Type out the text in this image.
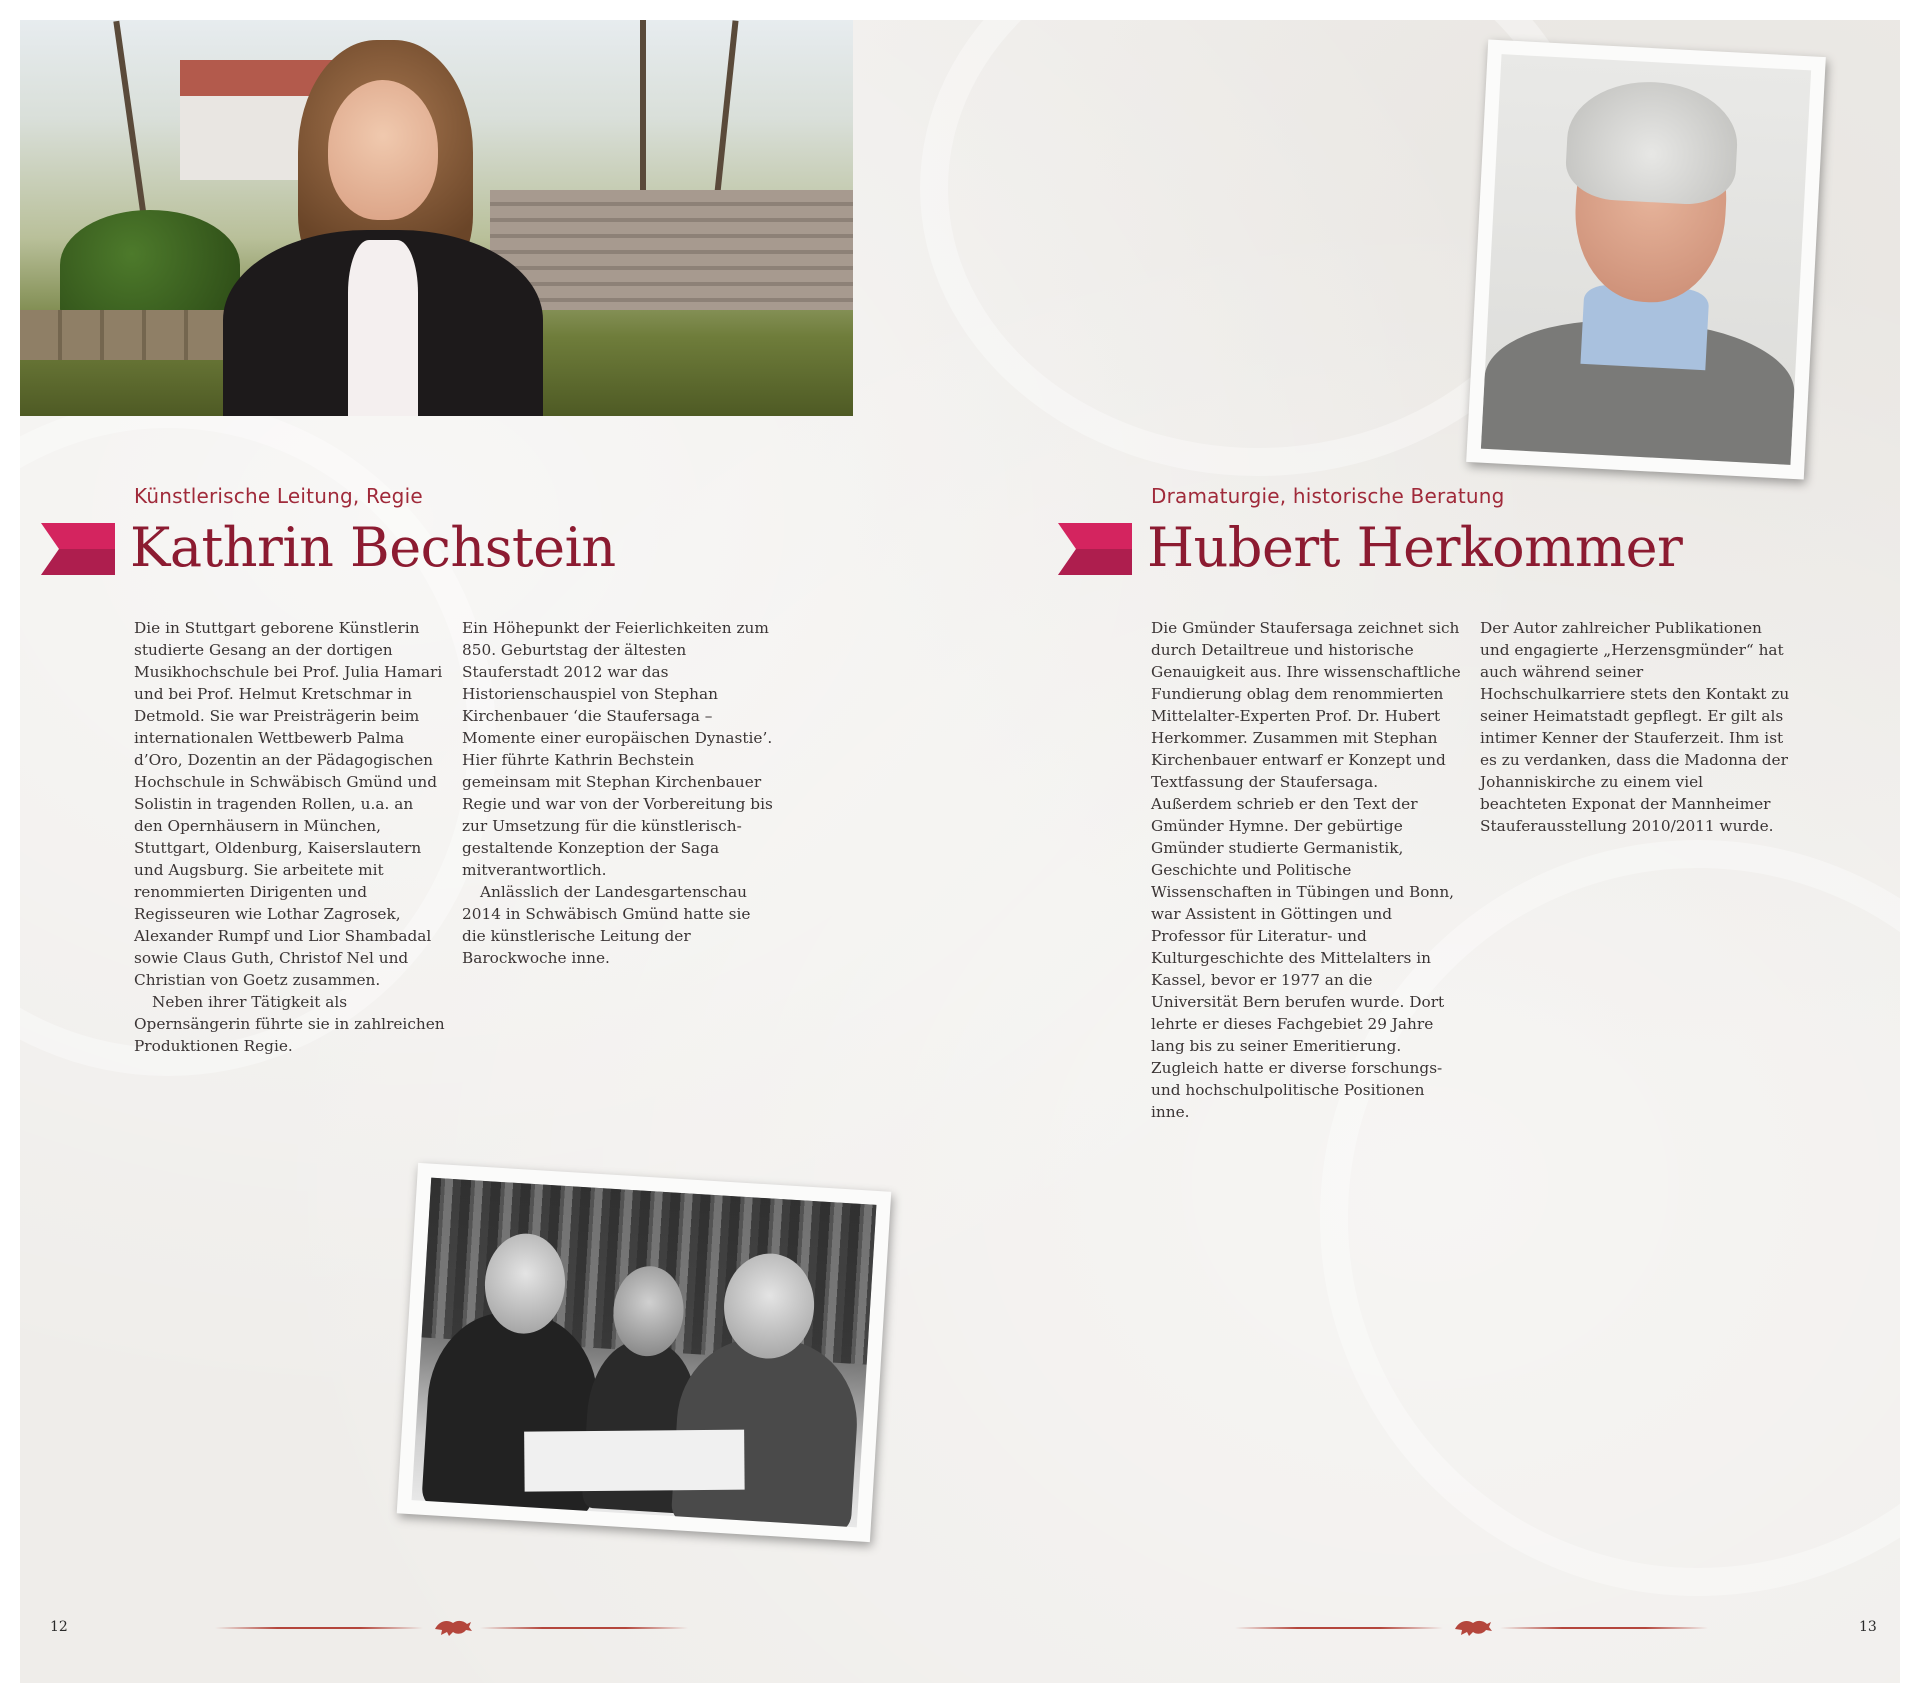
Künstlerische Leitung, Regie
Kathrin Bechstein

Die in Stuttgart geborene Künstlerin studierte Gesang an der dortigen Musikhochschule bei Prof. Julia Hamari und bei Prof. Helmut Kretschmar in Detmold. Sie war Preisträgerin beim internationalen Wettbewerb Palma d’Oro, Dozentin an der Pädagogischen Hochschule in Schwäbisch Gmünd und Solistin in tragenden Rollen, u.a. an den Opernhäusern in München, Stuttgart, Oldenburg, Kaiserslautern und Augsburg. Sie arbeitete mit renommierten Dirigenten und Regisseuren wie Lothar Zagrosek, Alexander Rumpf und Lior Shambadal sowie Claus Guth, Christof Nel und Christian von Goetz zusammen.

Neben ihrer Tätigkeit als Opernsängerin führte sie in zahlreichen Produktionen Regie.

Ein Höhepunkt der Feierlichkeiten zum 850. Geburtstag der ältesten Stauferstadt 2012 war das Historienschauspiel von Stephan Kirchenbauer ‘die Staufersaga – Momente einer europäischen Dynastie’. Hier führte Kathrin Bechstein gemeinsam mit Stephan Kirchenbauer Regie und war von der Vorbereitung bis zur Umsetzung für die künstlerisch-gestaltende Konzeption der Saga mitverantwortlich.

Anlässlich der Landesgartenschau 2014 in Schwäbisch Gmünd hatte sie die künstlerische Leitung der Barockwoche inne.

Dramaturgie, historische Beratung
Hubert Herkommer

Die Gmünder Staufersaga zeichnet sich durch Detailtreue und historische Genauigkeit aus. Ihre wissenschaftliche Fundierung oblag dem renommierten Mittelalter-Experten Prof. Dr. Hubert Herkommer. Zusammen mit Stephan Kirchenbauer entwarf er Konzept und Textfassung der Staufersaga. Außerdem schrieb er den Text der Gmünder Hymne. Der gebürtige Gmünder studierte Germanistik, Geschichte und Politische Wissenschaften in Tübingen und Bonn, war Assistent in Göttingen und Professor für Literatur- und Kulturgeschichte des Mittelalters in Kassel, bevor er 1977 an die Universität Bern berufen wurde. Dort lehrte er dieses Fachgebiet 29 Jahre lang bis zu seiner Emeritierung. Zugleich hatte er diverse forschungs- und hochschulpolitische Positionen inne.

Der Autor zahlreicher Publikationen und engagierte „Herzensgmünder“ hat auch während seiner Hochschulkarriere stets den Kontakt zu seiner Heimatstadt gepflegt. Er gilt als intimer Kenner der Stauferzeit. Ihm ist es zu verdanken, dass die Madonna der Johanniskirche zu einem viel beachteten Exponat der Mannheimer Stauferausstellung 2010/2011 wurde.

12	13
